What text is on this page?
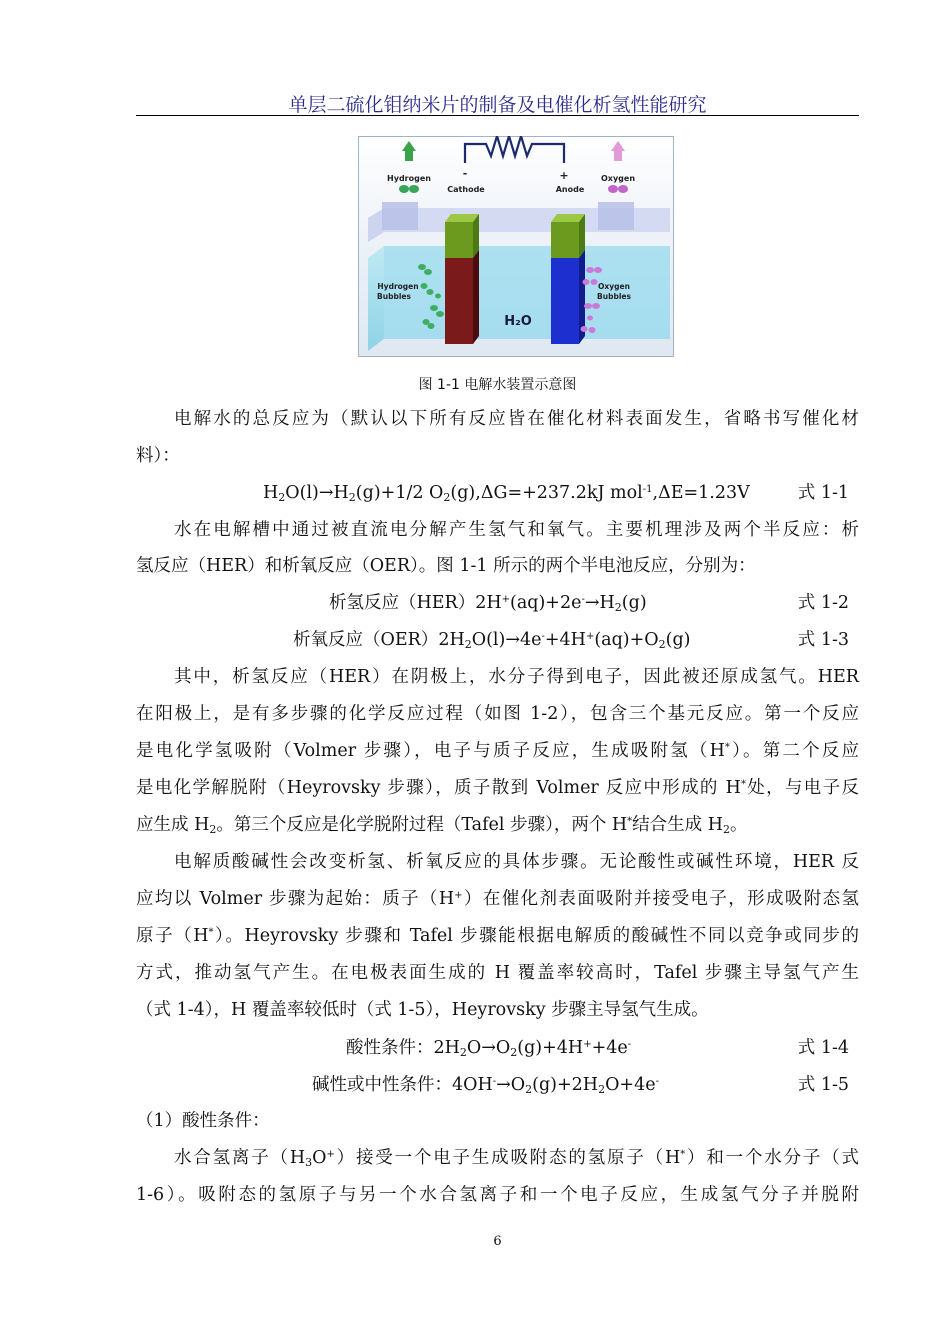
单层二硫化钼纳米片的制备及电催化析氢性能研究
Hydrogen	Oxygen
-	+
Cathode	Anode
Hydrogen
Bubbles
Oxygen
Bubbles
H₂O
图 1-1 电解水装置示意图
电解水的总反应为（默认以下所有反应皆在催化材料表面发生，省略书写催化材
料）：
$H_2O(l)\to H_2(g)+1/2$ $O_2(g),\Delta G=+237.2kJ$ mol$^{-1}$,ΔE=1.23V	式 1-1
水在电解槽中通过被直流电分解产生氢气和氧气。主要机理涉及两个半反应：析
氢反应（HER）和析氧反应（OER）。图 1-1 所示的两个半电池反应，分别为：
析氢反应$(HER)2H^+(aq)+2e^-\to H_2(g)$	式 1-2
析氧反应$(OER)2H_2O(l)\to 4e^-+4H^+(aq)+O_2(g)$	式 1-3
其中，析氢反应（HER）在阴极上，水分子得到电子，因此被还原成氢气。HER
在阳极上，是有多步骤的化学反应过程（如图 1-2），包含三个基元反应。第一个反应
是电化学氢吸附（Volmer 步骤），电子与质子反应，生成吸附氢（H*）。第二个反应
是电化学解脱附（Heyrovsky 步骤），质子散到 Volmer 反应中形成的 H*处，与电子反
应生成 $H_2$。第三个反应是化学脱附过程（Tafel 步骤），两个 H*结合生成 $H_2$。
电解质酸碱性会改变析氢、析氧反应的具体步骤。无论酸性或碱性环境，HER 反
应均以 Volmer 步骤为起始：质子（H+）在催化剂表面吸附并接受电子，形成吸附态氢
原子（H*）。Heyrovsky 步骤和 Tafel 步骤能根据电解质的酸碱性不同以竞争或同步的
方式，推动氢气产生。在电极表面生成的 H 覆盖率较高时，Tafel 步骤主导氢气产生
（式 1-4），H 覆盖率较低时（式 1-5），Heyrovsky 步骤主导氢气生成。
酸性条件：$2H_2O\to O_2(g)+4H^++4e^-$	式 1-4
碱性或中性条件：$4OH^-\to O_2(g)+2H_2O+4e^-$	式 1-5
（1）酸性条件：
水合氢离子$(H_3O^+)$接受一个电子生成吸附态的氢原子（H*）和一个水分子（式
1-6）。吸附态的氢原子与另一个水合氢离子和一个电子反应，生成氢气分子并脱附
6
